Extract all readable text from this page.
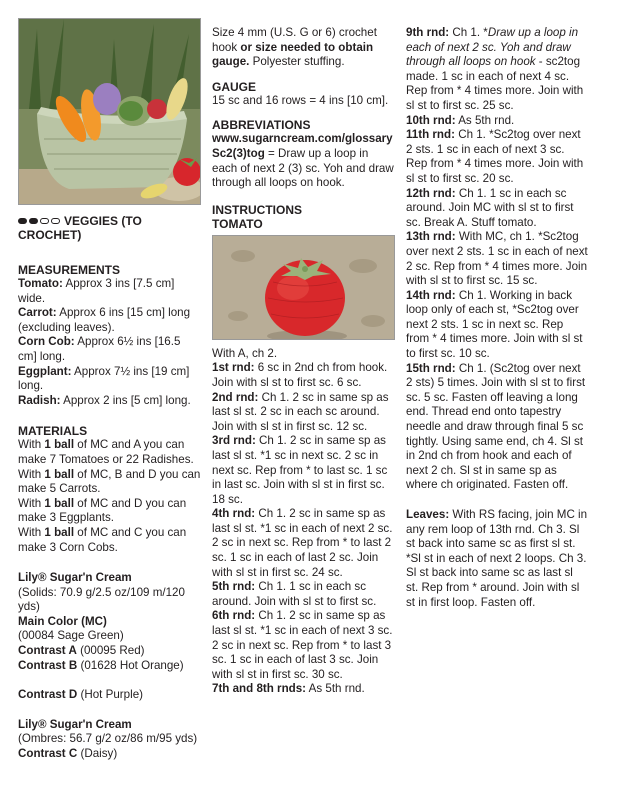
VEGGIES (TO CROCHET)
MEASUREMENTS

Tomato: Approx 3 ins [7.5 cm] wide.

Carrot: Approx 6 ins [15 cm] long (excluding leaves).

Corn Cob: Approx 6½ ins [16.5 cm] long.

Eggplant: Approx 7½ ins [19 cm] long.

Radish: Approx 2 ins [5 cm] long.

MATERIALS

With 1 ball of MC and A you can make 7 Tomatoes or 22 Radishes.

With 1 ball of MC, B and D you can make 5 Carrots.

With 1 ball of MC and D you can make 3 Eggplants.

With 1 ball of MC and C you can make 3 Corn Cobs.

Lily® Sugar'n Cream

(Solids: 70.9 g/2.5 oz/109 m/120 yds)

Main Color (MC)

(00084 Sage Green)

Contrast A (00095 Red)

Contrast B (01628 Hot Orange)

Contrast D (Hot Purple)

Lily® Sugar'n Cream

(Ombres: 56.7 g/2 oz/86 m/95 yds)

Contrast C (Daisy)

Size 4 mm (U.S. G or 6) crochet hook or size needed to obtain gauge. Polyester stuffing.

GAUGE

15 sc and 16 rows = 4 ins [10 cm].

ABBREVIATIONS

www.sugarncream.com/glossary

Sc2(3)tog = Draw up a loop in each of next 2 (3) sc. Yoh and draw through all loops on hook.

INSTRUCTIONS
TOMATO

With A, ch 2.

1st rnd: 6 sc in 2nd ch from hook. Join with sl st to first sc. 6 sc.

2nd rnd: Ch 1. 2 sc in same sp as last sl st. 2 sc in each sc around. Join with sl st in first sc. 12 sc.

3rd rnd: Ch 1. 2 sc in same sp as last sl st. *1 sc in next sc. 2 sc in next sc. Rep from * to last sc. 1 sc in last sc. Join with sl st in first sc. 18 sc.

4th rnd: Ch 1. 2 sc in same sp as last sl st. *1 sc in each of next 2 sc. 2 sc in next sc. Rep from * to last 2 sc. 1 sc in each of last 2 sc. Join with sl st in first sc. 24 sc.

5th rnd: Ch 1. 1 sc in each sc around. Join with sl st to first sc.

6th rnd: Ch 1. 2 sc in same sp as last sl st. *1 sc in each of next 3 sc. 2 sc in next sc. Rep from * to last 3 sc. 1 sc in each of last 3 sc. Join with sl st in first sc. 30 sc.

7th and 8th rnds: As 5th rnd.

9th rnd: Ch 1. *Draw up a loop in each of next 2 sc. Yoh and draw through all loops on hook - sc2tog made. 1 sc in each of next 4 sc. Rep from * 4 times more. Join with sl st to first sc. 25 sc.

10th rnd: As 5th rnd.

11th rnd: Ch 1. *Sc2tog over next 2 sts. 1 sc in each of next 3 sc. Rep from * 4 times more. Join with sl st to first sc. 20 sc.

12th rnd: Ch 1. 1 sc in each sc around. Join MC with sl st to first sc. Break A. Stuff tomato.

13th rnd: With MC, ch 1. *Sc2tog over next 2 sts. 1 sc in each of next 2 sc. Rep from * 4 times more. Join with sl st to first sc. 15 sc.

14th rnd: Ch 1. Working in back loop only of each st, *Sc2tog over next 2 sts. 1 sc in next sc. Rep from * 4 times more. Join with sl st to first sc. 10 sc.

15th rnd: Ch 1. (Sc2tog over next 2 sts) 5 times. Join with sl st to first sc. 5 sc. Fasten off leaving a long end. Thread end onto tapestry needle and draw through final 5 sc tightly. Using same end, ch 4. Sl st in 2nd ch from hook and each of next 2 ch. Sl st in same sp as where ch originated. Fasten off.

Leaves: With RS facing, join MC in any rem loop of 13th rnd. Ch 3. Sl st back into same sc as first sl st. *Sl st in each of next 2 loops. Ch 3. Sl st back into same sc as last sl st. Rep from * around. Join with sl st in first loop. Fasten off.
